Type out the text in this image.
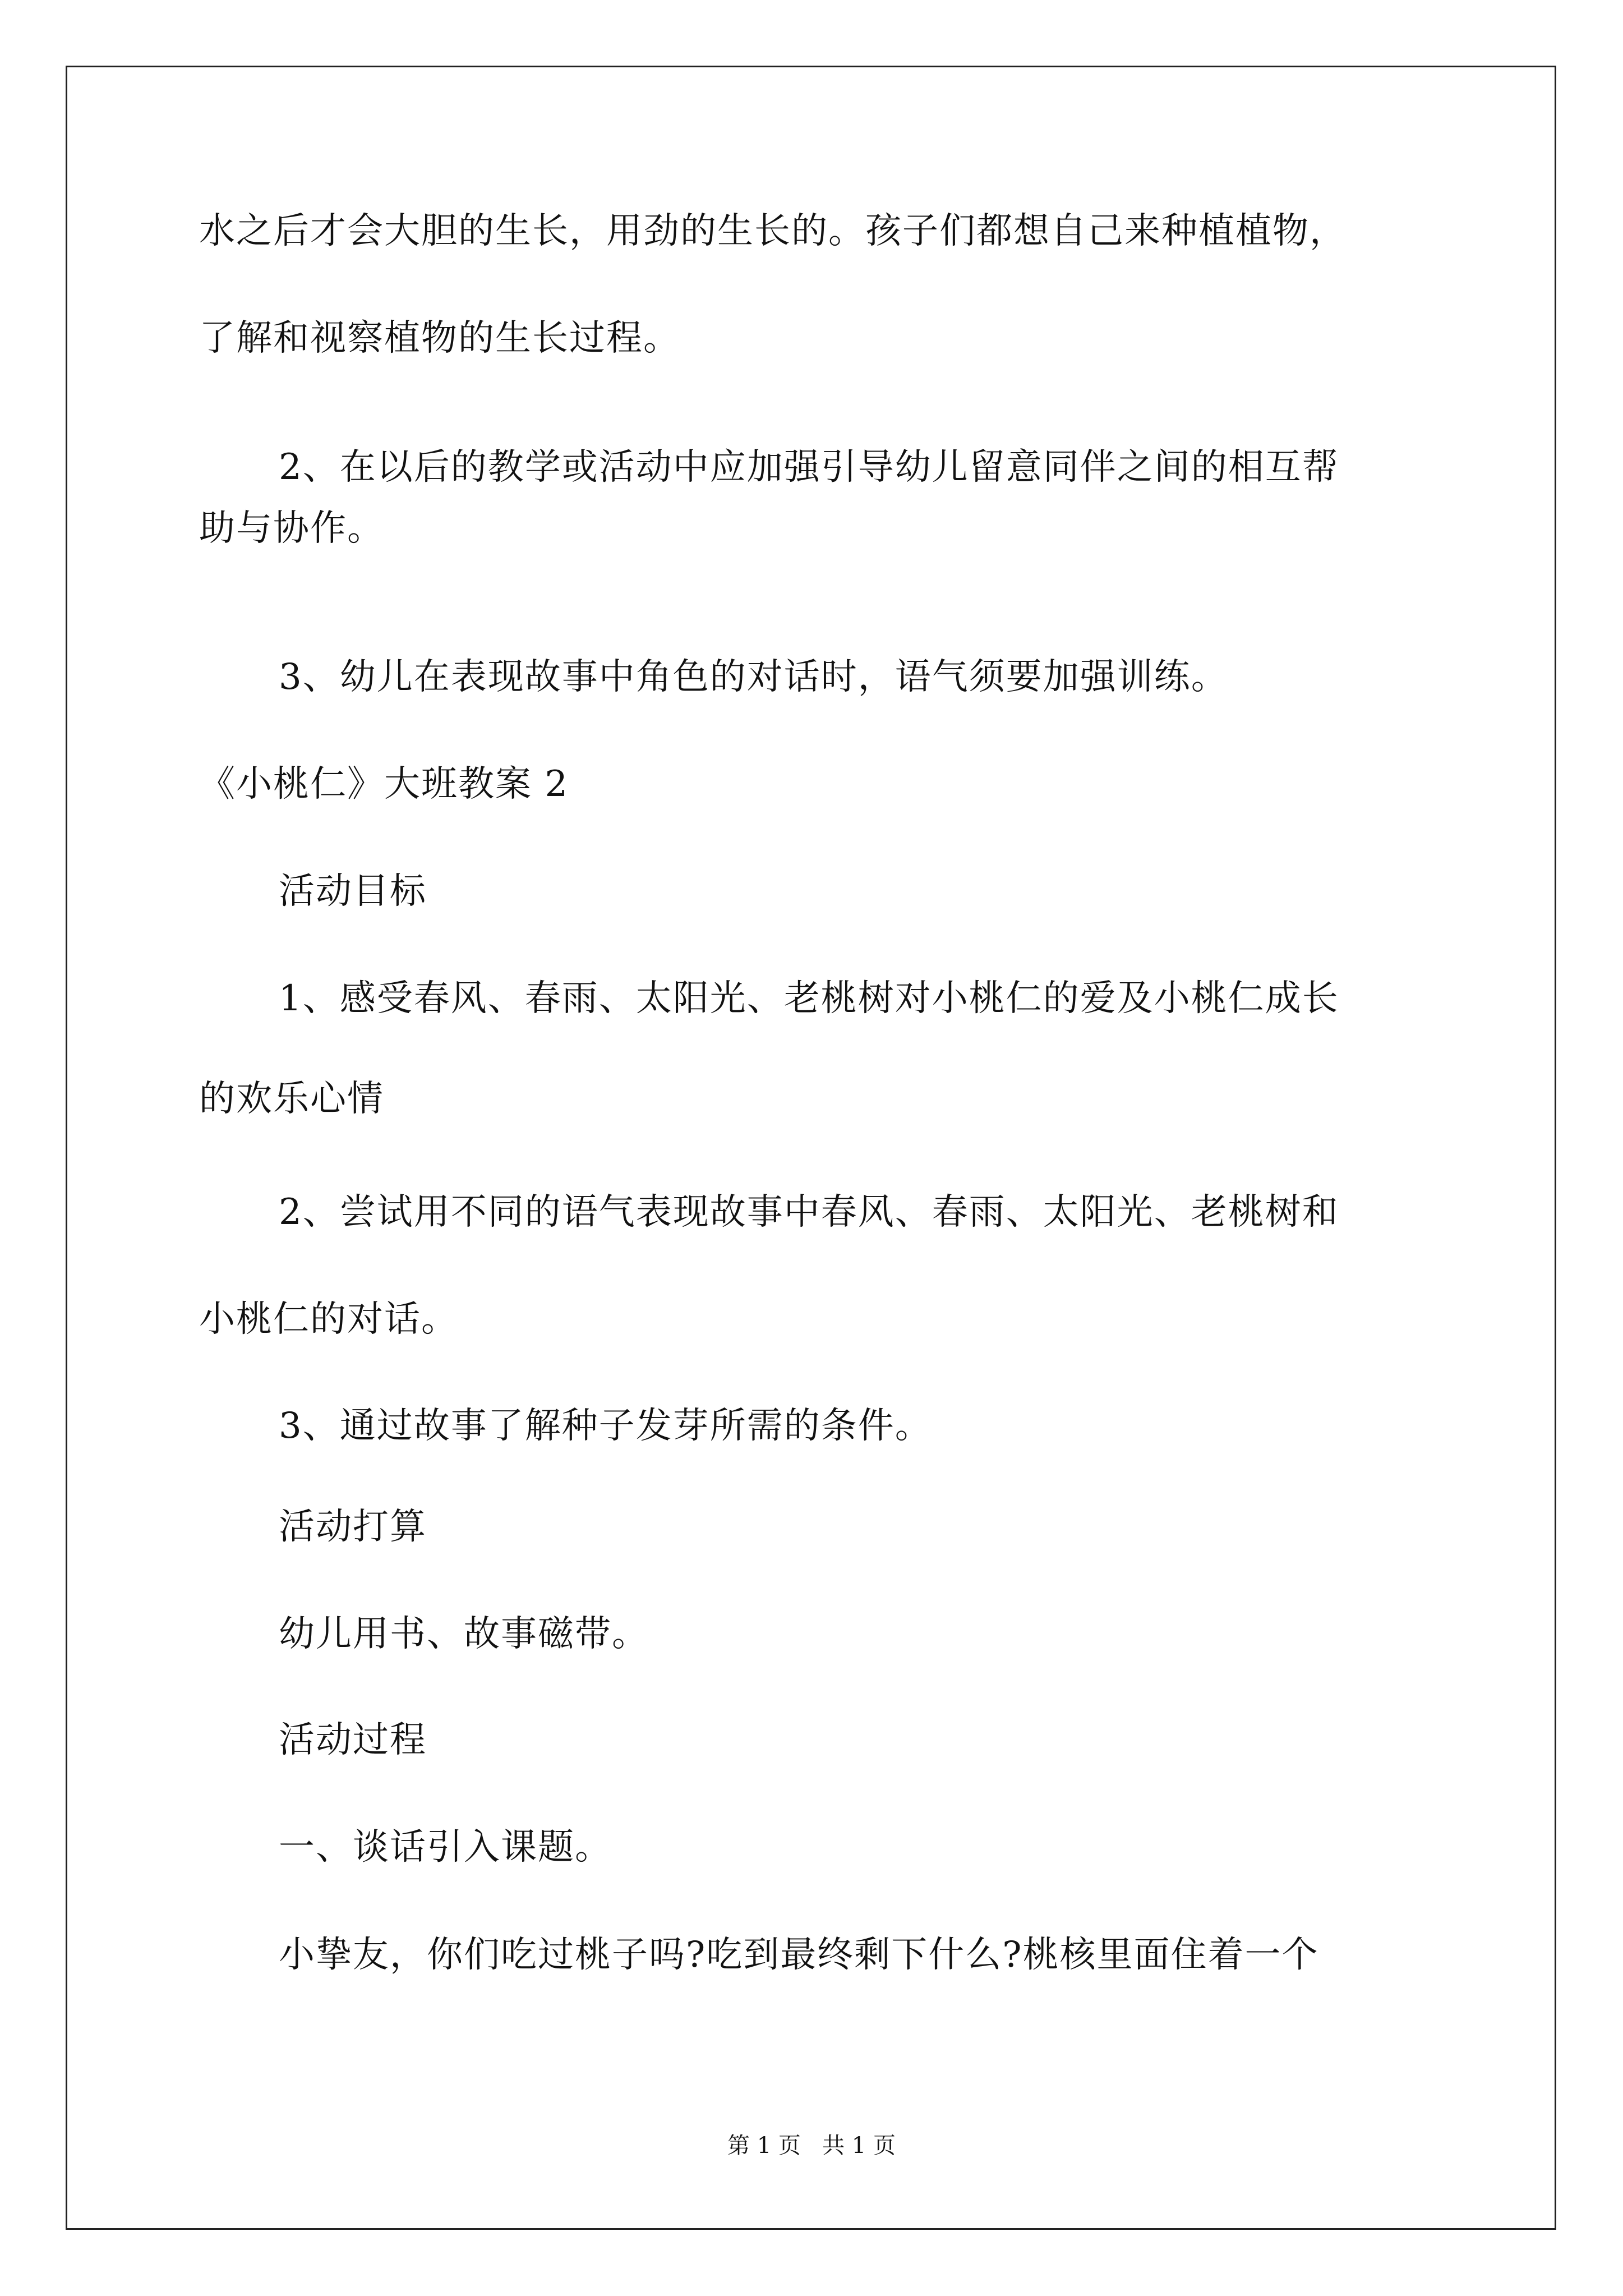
水之后才会大胆的生长，用劲的生长的。孩子们都想自己来种植植物，
了解和视察植物的生长过程。
2、在以后的教学或活动中应加强引导幼儿留意同伴之间的相互帮
助与协作。
3、幼儿在表现故事中角色的对话时，语气须要加强训练。
《小桃仁》大班教案 2
活动目标
1、感受春风、春雨、太阳光、老桃树对小桃仁的爱及小桃仁成长
的欢乐心情
2、尝试用不同的语气表现故事中春风、春雨、太阳光、老桃树和
小桃仁的对话。
3、通过故事了解种子发芽所需的条件。
活动打算
幼儿用书、故事磁带。
活动过程
一、谈话引入课题。
小挚友，你们吃过桃子吗?吃到最终剩下什么?桃核里面住着一个
第 1 页   共 1 页
